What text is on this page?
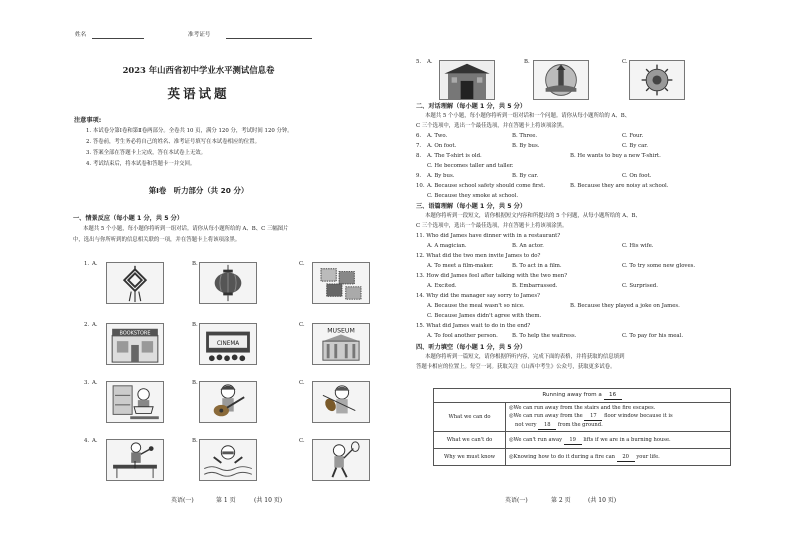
姓名	准考证号
2023 年山西省初中学业水平测试信息卷
英语试题
注意事项:
1. 本试卷分第Ⅰ卷和第Ⅱ卷两部分。全卷共 10 页，满分 120 分，考试时间 120 分钟。
2. 答卷前，考生务必将自己的姓名、准考证号填写在本试卷相应的位置。
3. 答案全部在答题卡上完成，答在本试卷上无效。
4. 考试结束后，将本试卷和答题卡一并交回。
第Ⅰ卷　听力部分（共 20 分）
一、情景反应（每小题 1 分，共 5 分）
本题共 5 个小题，每小题你将听到一组对话。请你从每小题所给的 A、B、C 三幅图片
中，选出与你所听到的信息相关联的一项，并在答题卡上将该项涂黑。
1. A.	B.	C.
2. A.
BOOKSTORE
B.
CINEMA
C.
MUSEUM
3. A.	B.	C.
4. A.	B.	C.
英语(一)	第 1 页	(共 10 页)
5. A.	B.	C.
二、对话理解（每小题 1 分，共 5 分）
本题共 5 个小题，每小题你将听到一组对话和一个问题。请你从每小题所给的 A、B、
C 三个选项中，选出一个最佳选项，并在答题卡上将该项涂黑。
6. A. Two.	B. Three.	C. Four.
7. A. On foot.	B. By bus.	C. By car.
8. A. The T-shirt is old.	B. He wants to buy a new T-shirt.
C. He becomes taller and taller.
9. A. By bus.	B. By car.	C. On foot.
10. A. Because school safety should come first.	B. Because they are noisy at school.
C. Because they smoke at school.
三、语篇理解（每小题 1 分，共 5 分）
本题你将听到一段短文，请你根据短文内容和所提出的 5 个问题，从每小题所给的 A、B、
C 三个选项中，选出一个最佳选项，并在答题卡上将该项涂黑。
11. Who did James have dinner with in a restaurant?
A. A magician.	B. An actor.	C. His wife.
12. What did the two men invite James to do?
A. To meet a film-maker.	B. To act in a film.	C. To try some new gloves.
13. How did James feel after talking with the two men?
A. Excited.	B. Embarrassed.	C. Surprised.
14. Why did the manager say sorry to James?
A. Because the meal wasn't so nice.	B. Because they played a joke on James.
C. Because James didn't agree with them.
15. What did James wait to do in the end?
A. To fool another person.	B. To help the waitress.	C. To pay for his meal.
四、听力填空（每小题 1 分，共 5 分）
本题你将听到一篇短文，请你根据所听内容，完成下面的表格，并将获取的信息填到
答题卡相应的位置上。每空一词。获取关注《山西中考生》公众号，获取更多试卷。
Running away from a 16	
What we can do	◎We can run away from the stairs and the fire escapes.
◎We can run away from the 17 floor window because it is
not very 18 from the ground.

What we can't do	◎We can't run away 19 lifts if we are in a burning house.
Why we must know	◎Knowing how to do it during a fire can 20 your life.
英语(一)	第 2 页	(共 10 页)
